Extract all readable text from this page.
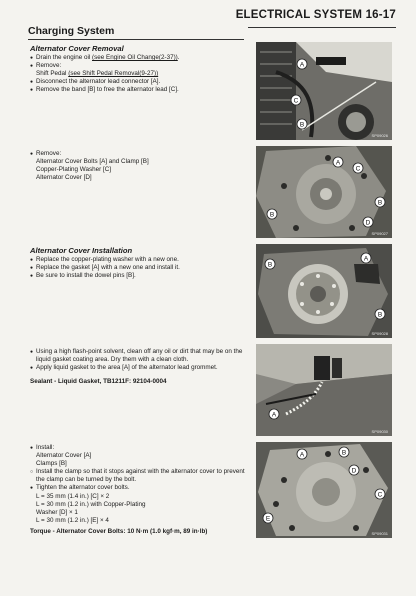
ELECTRICAL SYSTEM 16-17
Charging System
Alternator Cover Removal
● Drain the engine oil (see Engine Oil Change(2-37)).
● Remove:
Shift Pedal (see Shift Pedal Removal(9-27))
● Disconnect the alternator lead connector [A].
● Remove the band [B] to free the alternator lead [C].
● Remove:
Alternator Cover Bolts [A] and Clamp [B]
Copper-Plating Washer [C]
Alternator Cover [D]
Alternator Cover Installation
● Replace the copper-plating washer with a new one.
● Replace the gasket [A] with a new one and install it.
● Be sure to install the dowel pins [B].
● Using a high flash-point solvent, clean off any oil or dirt that may be on the liquid gasket coating area. Dry them with a clean cloth.
● Apply liquid gasket to the area [A] of the alternator lead grommet.
Sealant - Liquid Gasket, TB1211F: 92104-0004
● Install:
Alternator Cover [A]
Clamps [B]
○ Install the clamp so that it stops against with the alternator cover to prevent the clamp can be turned by the bolt.
● Tighten the alternator cover bolts.
L = 35 mm (1.4 in.) [C] × 2
L = 30 mm (1.2 in.) with Copper-Plating
Washer [D] × 1
L = 30 mm (1.2 in.) [E] × 4
Torque - Alternator Cover Bolts: 10 N·m (1.0 kgf·m, 89 in·lb)
A
B
C
SP09026
A
B
C
D
B
SP09027
B
A
B
SP09028
A
SP09030
A	B
C
D
E
SP09031
